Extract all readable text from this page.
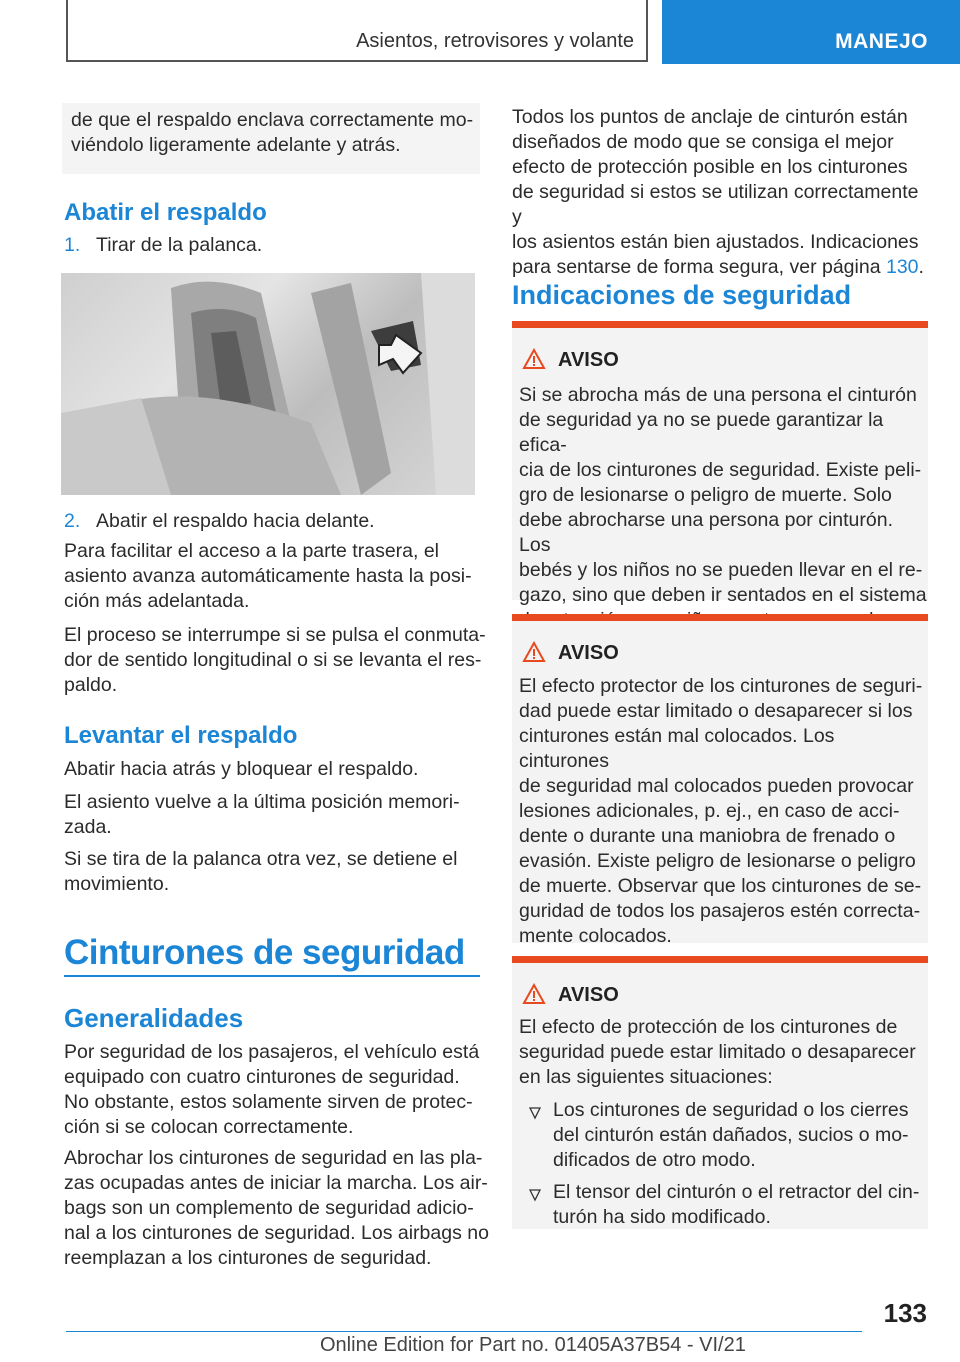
Asientos, retrovisores y volante	MANEJO
de que el respaldo enclava correctamente mo-
viéndolo ligeramente adelante y atrás.
Abatir el respaldo
1. Tirar de la palanca.
2. Abatir el respaldo hacia delante.
Para facilitar el acceso a la parte trasera, el
asiento avanza automáticamente hasta la posi-
ción más adelantada.
El proceso se interrumpe si se pulsa el conmuta-
dor de sentido longitudinal o si se levanta el res-
paldo.
Levantar el respaldo
Abatir hacia atrás y bloquear el respaldo.
El asiento vuelve a la última posición memori-
zada.
Si se tira de la palanca otra vez, se detiene el
movimiento.
Cinturones de seguridad
Generalidades
Por seguridad de los pasajeros, el vehículo está
equipado con cuatro cinturones de seguridad.
No obstante, estos solamente sirven de protec-
ción si se colocan correctamente.
Abrochar los cinturones de seguridad en las pla-
zas ocupadas antes de iniciar la marcha. Los air-
bags son un complemento de seguridad adicio-
nal a los cinturones de seguridad. Los airbags no
reemplazan a los cinturones de seguridad.
Todos los puntos de anclaje de cinturón están
diseñados de modo que se consiga el mejor
efecto de protección posible en los cinturones
de seguridad si estos se utilizan correctamente y
los asientos están bien ajustados. Indicaciones
para sentarse de forma segura, ver página 130.
Indicaciones de seguridad
AVISO
Si se abrocha más de una persona el cinturón
de seguridad ya no se puede garantizar la efica-
cia de los cinturones de seguridad. Existe peli-
gro de lesionarse o peligro de muerte. Solo
debe abrocharse una persona por cinturón. Los
bebés y los niños no se pueden llevar en el re-
gazo, sino que deben ir sentados en el sistema

AVISO
El efecto protector de los cinturones de seguri-
dad puede estar limitado o desaparecer si los
cinturones están mal colocados. Los cinturones
de seguridad mal colocados pueden provocar
lesiones adicionales, p. ej., en caso de acci-
dente o durante una maniobra de frenado o
evasión. Existe peligro de lesionarse o peligro
de muerte. Observar que los cinturones de se-
guridad de todos los pasajeros estén correcta-
mente colocados.
AVISO
El efecto de protección de los cinturones de
seguridad puede estar limitado o desaparecer
en las siguientes situaciones:
Los cinturones de seguridad o los cierres
del cinturón están dañados, sucios o mo-
dificados de otro modo.
El tensor del cinturón o el retractor del cin-
turón ha sido modificado.
133
Online Edition for Part no. 01405A37B54 - VI/21
